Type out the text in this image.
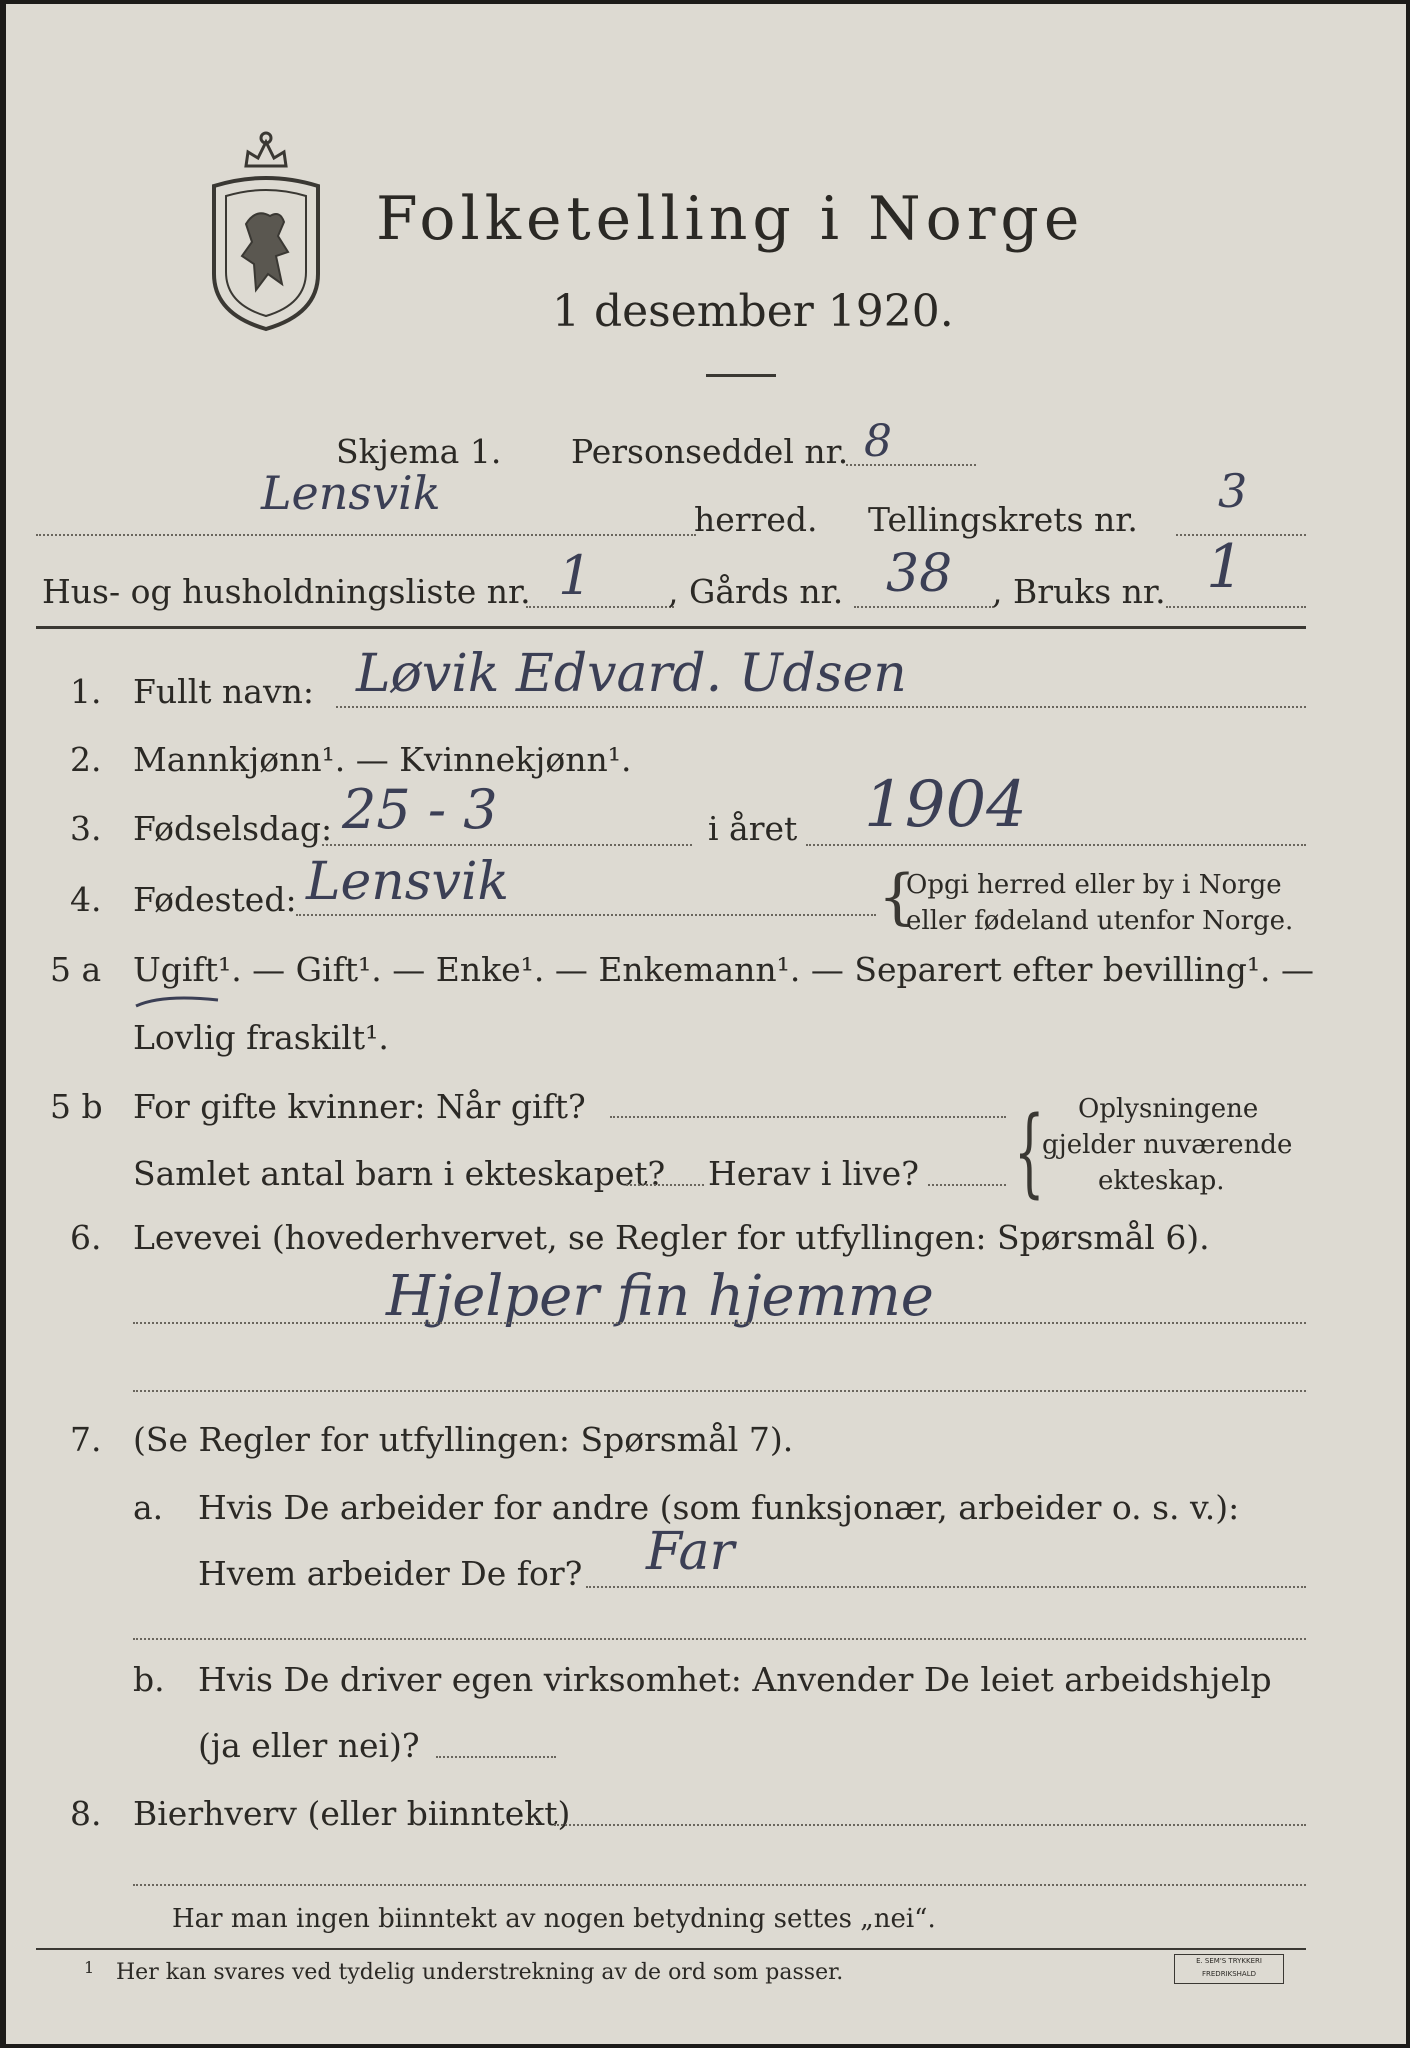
Folketelling i Norge
1 desember 1920.
Skjema 1. Personseddel nr. 8
Lensvik	herred. Tellingskrets nr.
3
Hus- og husholdningsliste nr. 1 , Gårds nr. 38 , Bruks nr. 1
1. Fullt navn: Løvik Edvard. Udsen
2. Mannkjønn¹. — Kvinnekjønn¹.
3. Fødselsdag: 25 - 3	i året 1904
4. Fødested: Lensvik	{
Opgi herred eller by i Norge
eller fødeland utenfor Norge.
5 a Ugift¹. — Gift¹. — Enke¹. — Enkemann¹. — Separert efter bevilling¹. —
Lovlig fraskilt¹.
5 b For gifte kvinner: Når gift?
Samlet antal barn i ekteskapet? Herav i live? { Oplysningene
gjelder nuværende
ekteskap.
6. Levevei (hovederhvervet, se Regler for utfyllingen: Spørsmål 6).
Hjelper fin hjemme
7. (Se Regler for utfyllingen: Spørsmål 7).
a. Hvis De arbeider for andre (som funksjonær, arbeider o. s. v.):
Hvem arbeider De for? Far
b. Hvis De driver egen virksomhet: Anvender De leiet arbeidshjelp
(ja eller nei)?
8. Bierhverv (eller biinntekt)
Har man ingen biinntekt av nogen betydning settes „nei“.
1 Her kan svares ved tydelig understrekning av de ord som passer.	E. SEM'S TRYKKERI FREDRIKSHALD
